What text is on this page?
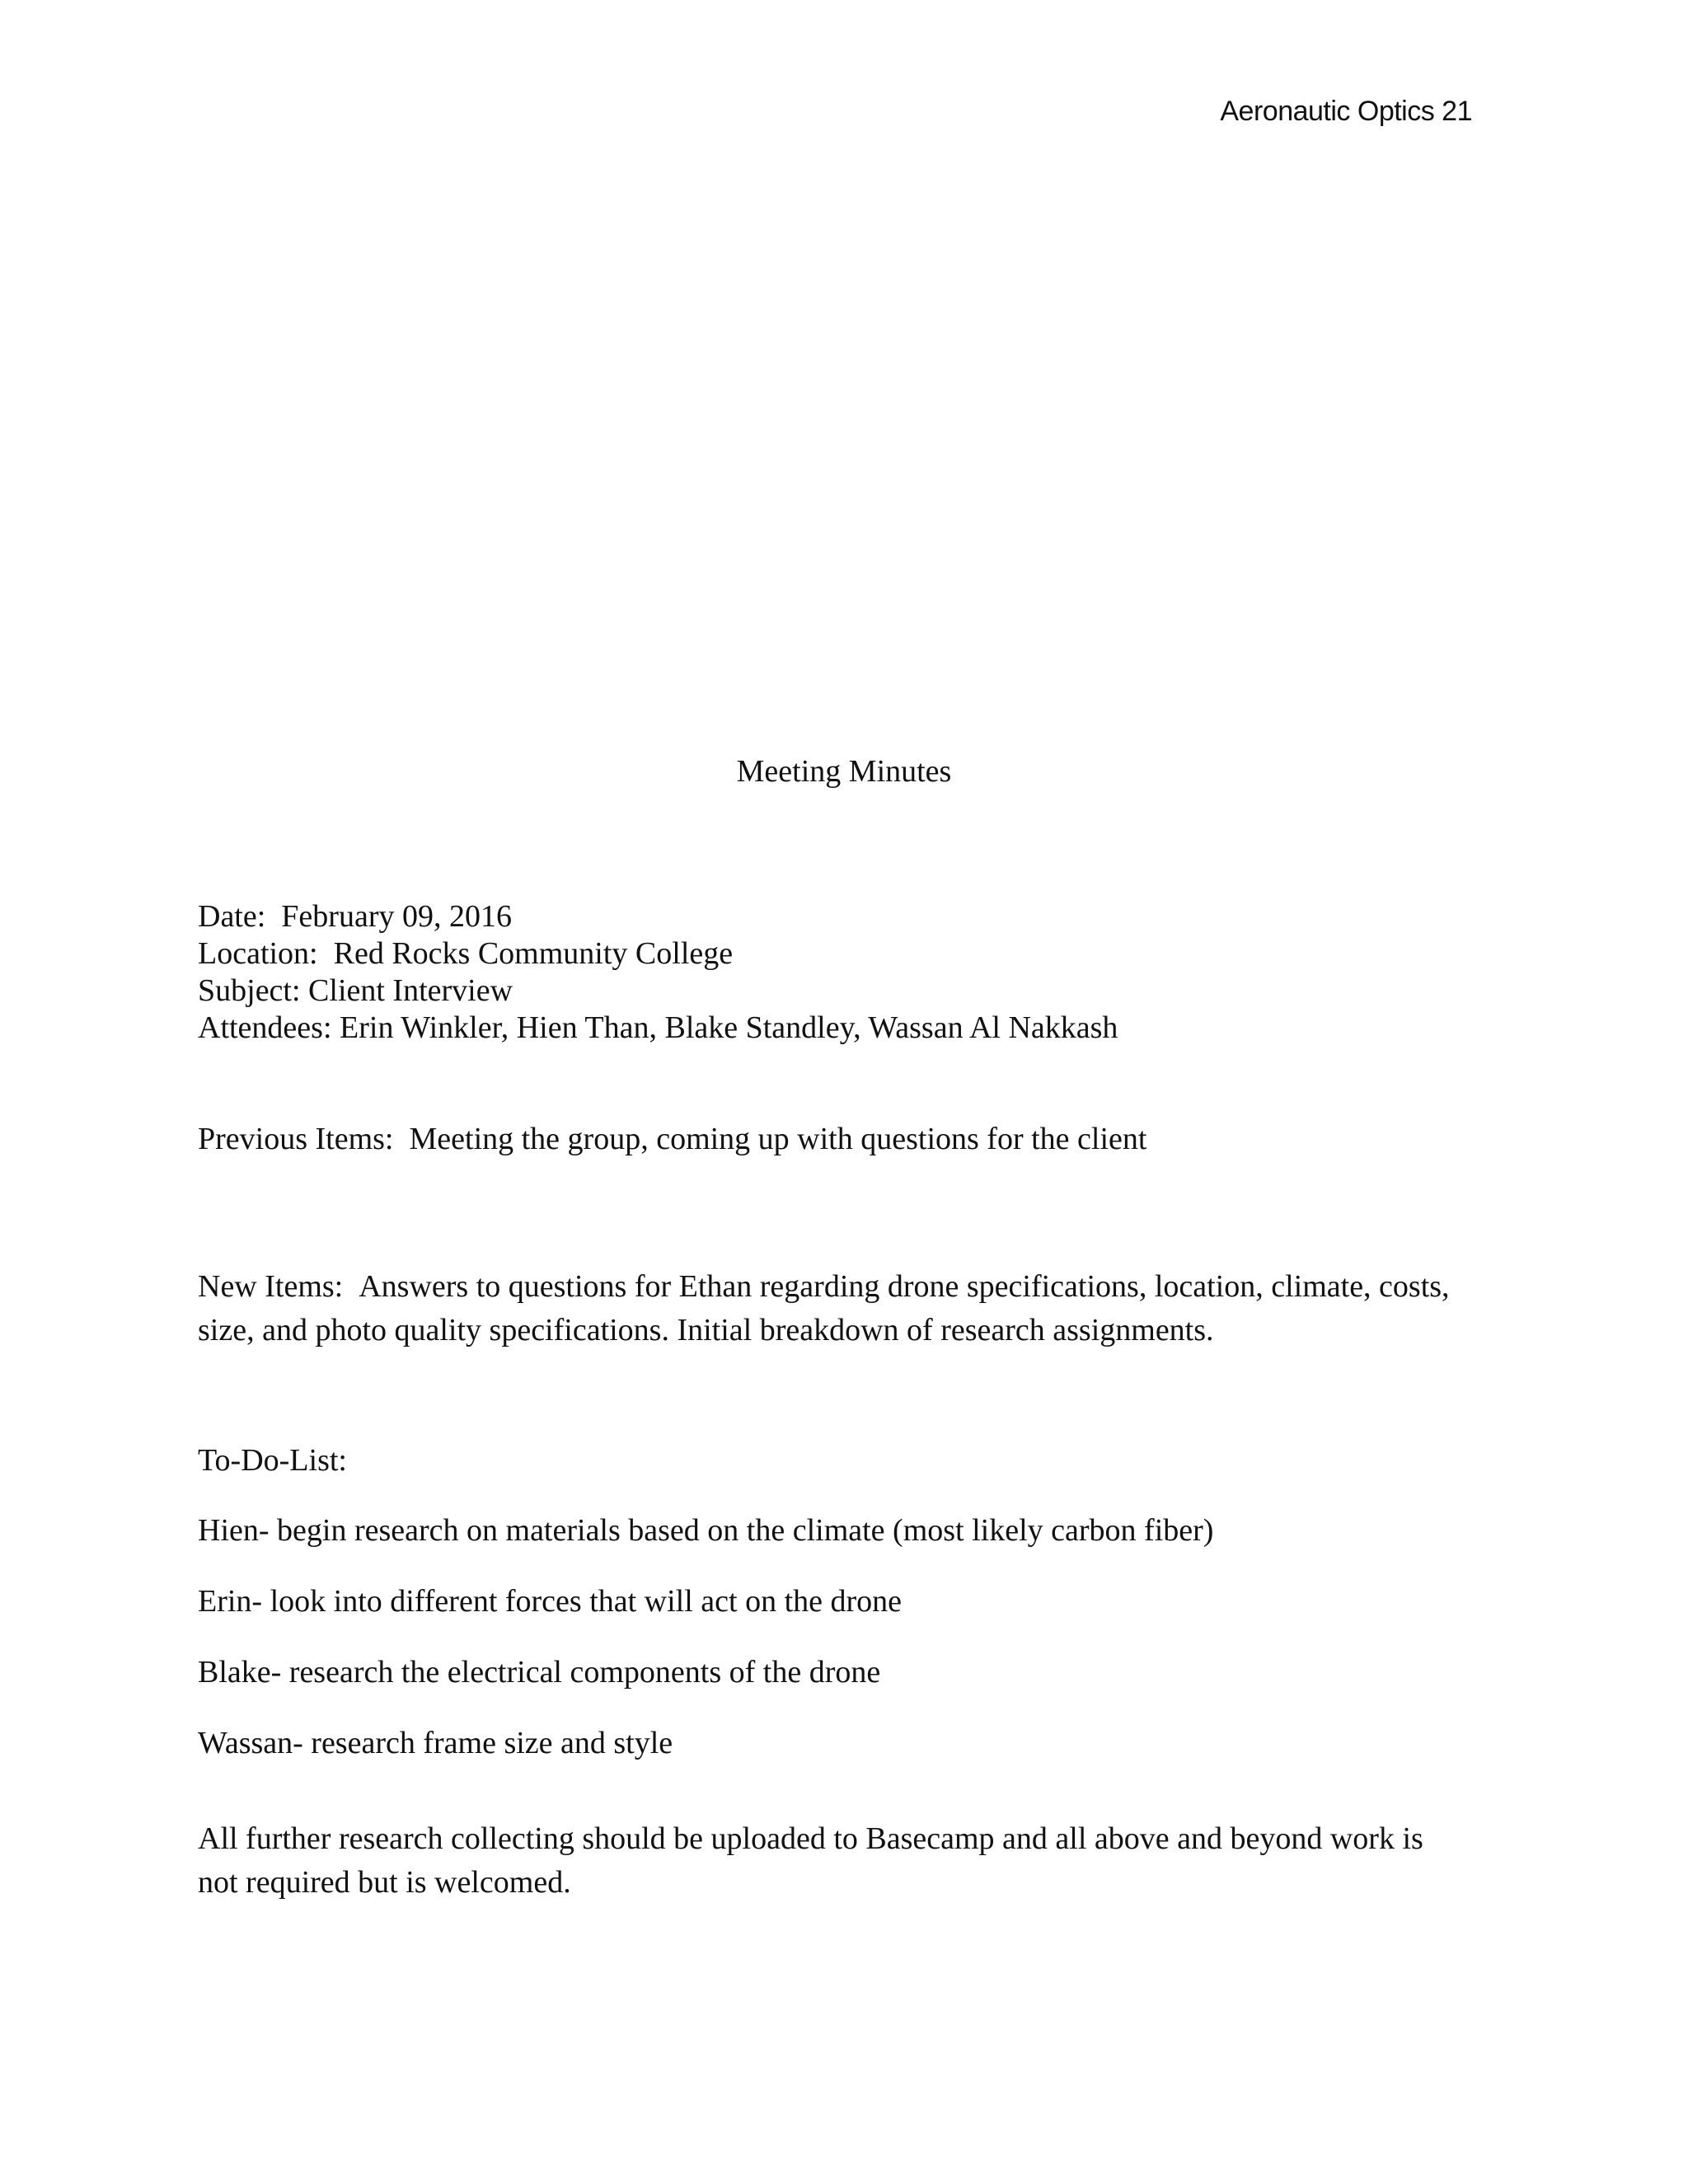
Aeronautic Optics 21
Meeting Minutes
Date: February 09, 2016
Location: Red Rocks Community College
Subject: Client Interview
Attendees: Erin Winkler, Hien Than, Blake Standley, Wassan Al Nakkash
Previous Items: Meeting the group, coming up with questions for the client
New Items: Answers to questions for Ethan regarding drone specifications, location, climate, costs, size, and photo quality specifications. Initial breakdown of research assignments.
To-Do-List:
Hien- begin research on materials based on the climate (most likely carbon fiber)
Erin- look into different forces that will act on the drone
Blake- research the electrical components of the drone
Wassan- research frame size and style
All further research collecting should be uploaded to Basecamp and all above and beyond work is not required but is welcomed.
